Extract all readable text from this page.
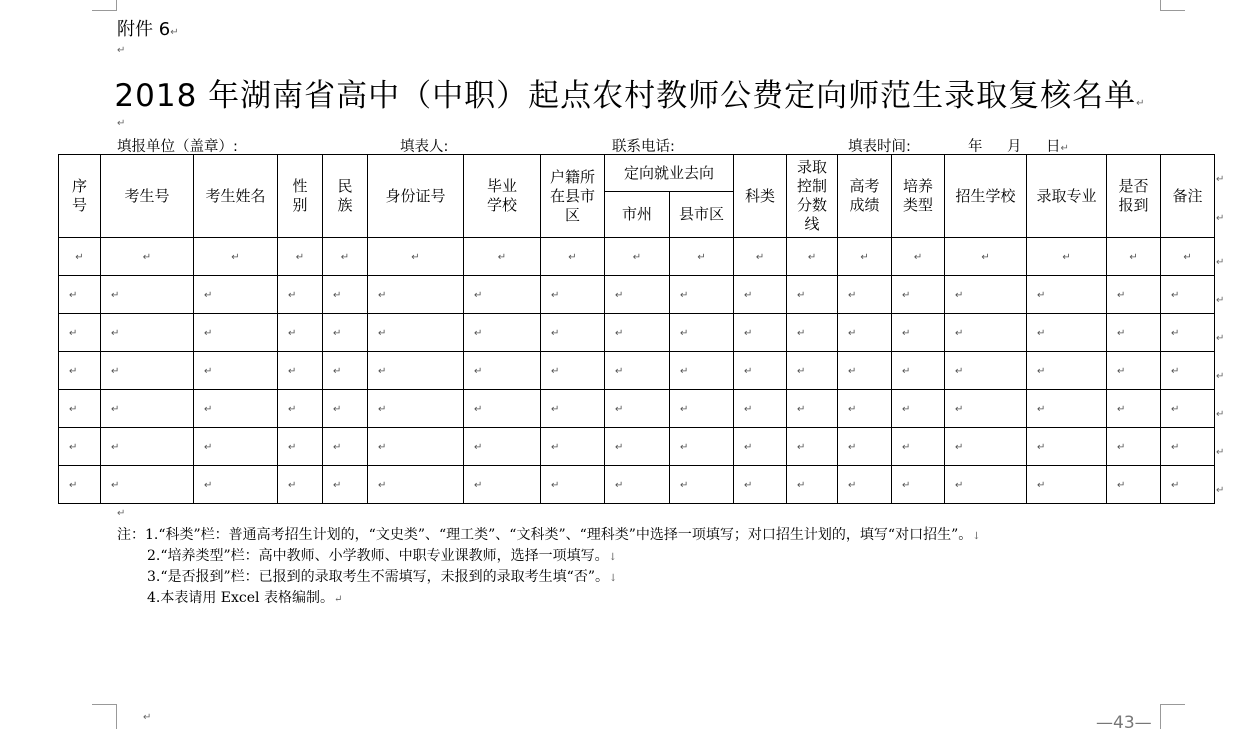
附件 6↵
↵
2018 年湖南省高中（中职）起点农村教师公费定向师范生录取复核名单↵
↵
填报单位（盖章）:	填表人:	联系电话:	填表时间:	年 月 日↵
序号	考生号	考生姓名	性别	民族	身份证号	毕业学校	户籍所在县市区	定向就业去向		科类	录取控制分数线	高考成绩	培养类型	招生学校	录取专业	是否报到	备注
								市州	县市区								
↵	↵	↵	↵	↵	↵	↵	↵	↵	↵	↵	↵	↵	↵	↵	↵	↵	↵
↵	↵	↵	↵	↵	↵	↵	↵	↵	↵	↵	↵	↵	↵	↵	↵	↵	↵
↵	↵	↵	↵	↵	↵	↵	↵	↵	↵	↵	↵	↵	↵	↵	↵	↵	↵
↵	↵	↵	↵	↵	↵	↵	↵	↵	↵	↵	↵	↵	↵	↵	↵	↵	↵
↵	↵	↵	↵	↵	↵	↵	↵	↵	↵	↵	↵	↵	↵	↵	↵	↵	↵
↵	↵	↵	↵	↵	↵	↵	↵	↵	↵	↵	↵	↵	↵	↵	↵	↵	↵
↵	↵	↵	↵	↵	↵	↵	↵	↵	↵	↵	↵	↵	↵	↵	↵	↵	↵
↵
↵
↵
↵
↵
↵
↵
↵
↵
↵
注：1.“科类”栏：普通高考招生计划的，“文史类”、“理工类”、“文科类”、“理科类”中选择一项填写；对口招生计划的，填写“对口招生”。↓
2.“培养类型”栏：高中教师、小学教师、中职专业课教师，选择一项填写。↓
3.“是否报到”栏：已报到的录取考生不需填写，未报到的录取考生填“否”。↓
4.本表请用 Excel 表格编制。↵
↵	—43—
